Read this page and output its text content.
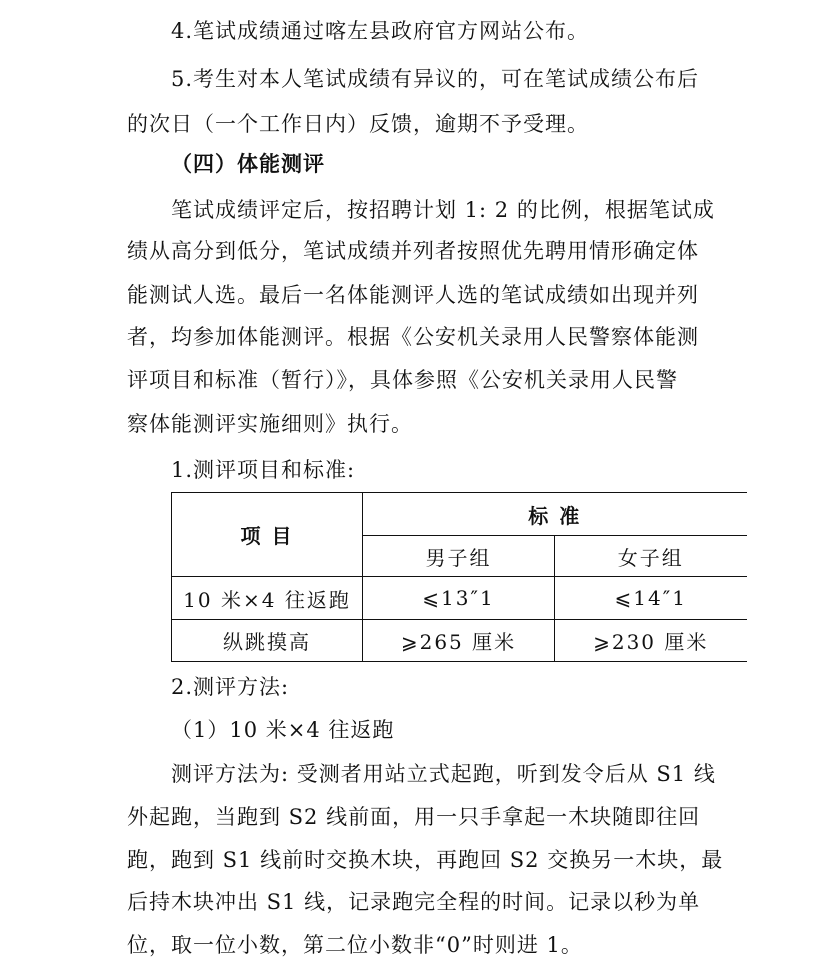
4.笔试成绩通过喀左县政府官方网站公布。
5.考生对本人笔试成绩有异议的，可在笔试成绩公布后
的次日（一个工作日内）反馈，逾期不予受理。
（四）体能测评
笔试成绩评定后，按招聘计划 1: 2 的比例，根据笔试成
绩从高分到低分，笔试成绩并列者按照优先聘用情形确定体
能测试人选。最后一名体能测评人选的笔试成绩如出现并列
者，均参加体能测评。根据《公安机关录用人民警察体能测
评项目和标准（暂行）》，具体参照《公安机关录用人民警
察体能测评实施细则》执行。
1.测评项目和标准:
项 目	标 准	
	男子组	女子组
10 米×4 往返跑	⩽13″1	⩽14″1
纵跳摸高	⩾265 厘米	⩾230 厘米
2.测评方法:
（1）10 米×4 往返跑
测评方法为: 受测者用站立式起跑，听到发令后从 S1 线
外起跑，当跑到 S2 线前面，用一只手拿起一木块随即往回
跑，跑到 S1 线前时交换木块，再跑回 S2 交换另一木块，最
后持木块冲出 S1 线，记录跑完全程的时间。记录以秒为单
位，取一位小数，第二位小数非“0”时则进 1。
